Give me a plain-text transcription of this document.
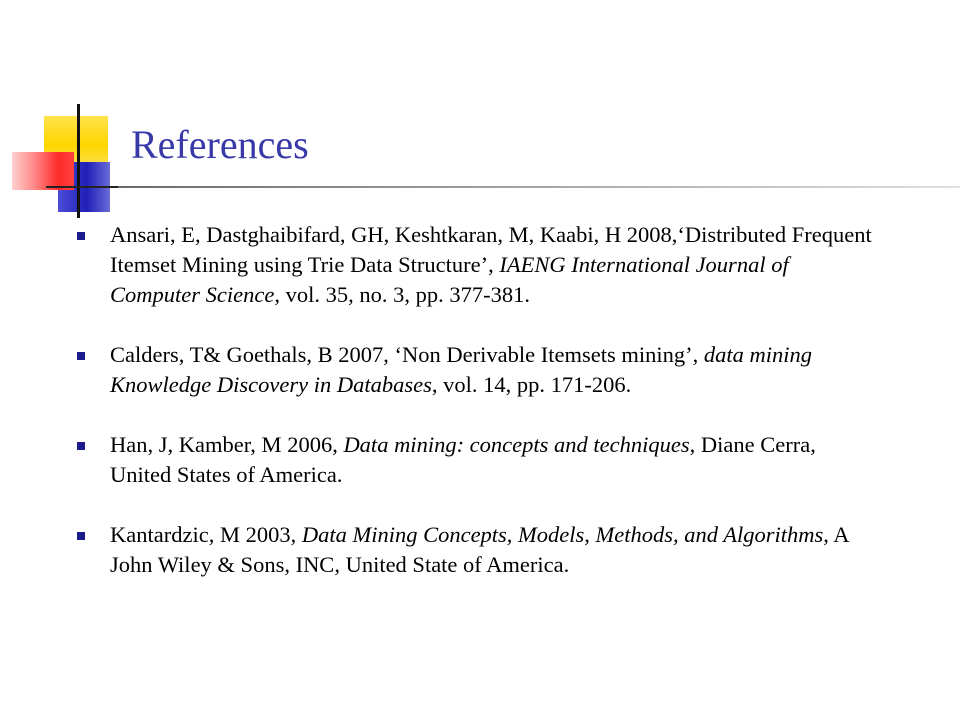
References
Ansari, E, Dastghaibifard, GH, Keshtkaran, M, Kaabi, H 2008,‘Distributed Frequent Itemset Mining using Trie Data Structure’, IAENG International Journal of Computer Science, vol. 35, no. 3, pp. 377-381.
Calders, T& Goethals, B 2007, ‘Non Derivable Itemsets mining’, data mining Knowledge Discovery in Databases, vol. 14, pp. 171-206.
Han, J, Kamber, M 2006, Data mining: concepts and techniques, Diane Cerra, United States of America.
Kantardzic, M 2003, Data Mining Concepts, Models, Methods, and Algorithms, A John Wiley & Sons, INC, United State of America.
